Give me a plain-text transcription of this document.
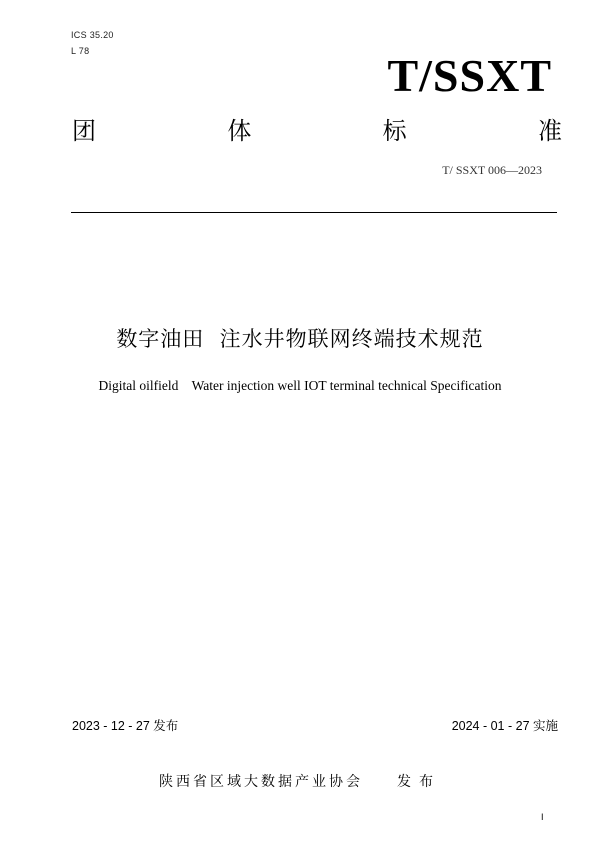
ICS 35.20
L 78	T/SSXT
团	体	标	准
T/ SSXT 006—2023
数字油田  注水井物联网终端技术规范
Digital oilfield    Water injection well IOT terminal technical Specification
2023 - 12 - 27 发布	2024 - 01 - 27 实施
陕西省区域大数据产业协会 发布
I
